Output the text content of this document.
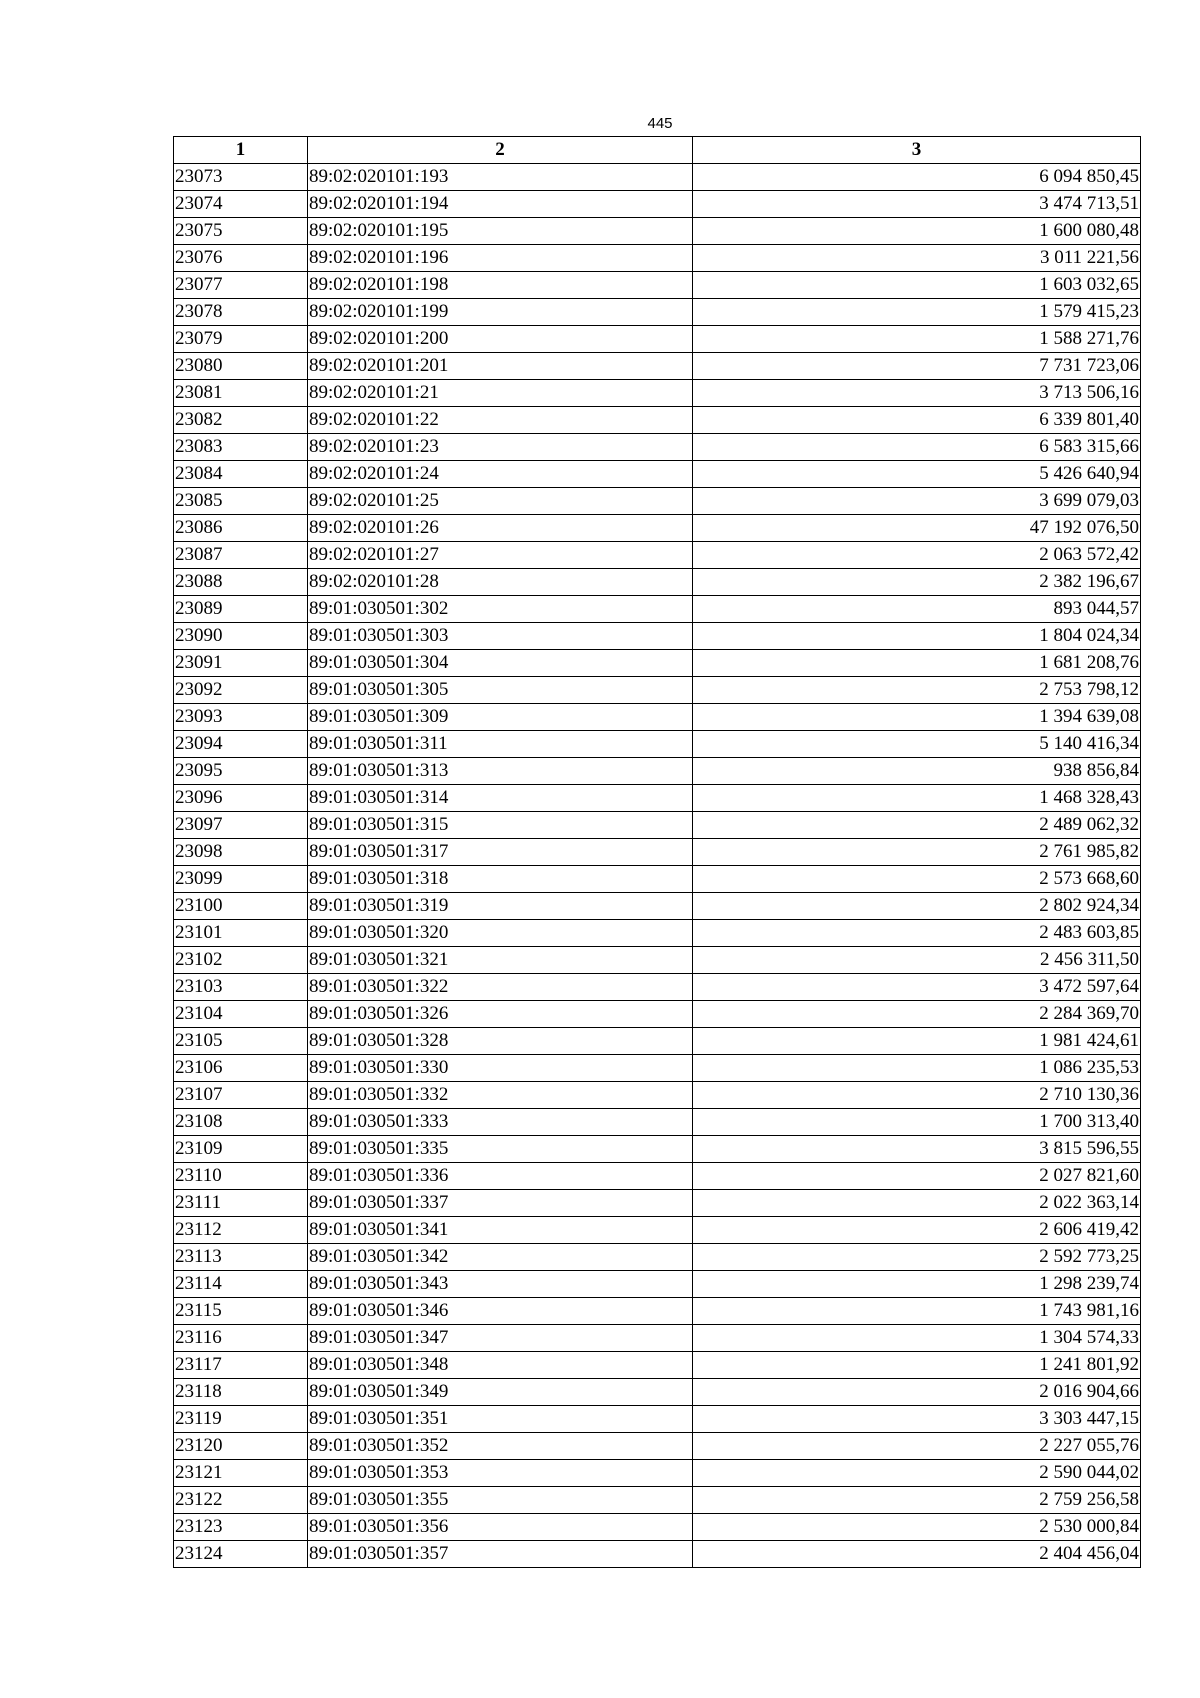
445
1	2	3
23073	89:02:020101:193	6 094 850,45
23074	89:02:020101:194	3 474 713,51
23075	89:02:020101:195	1 600 080,48
23076	89:02:020101:196	3 011 221,56
23077	89:02:020101:198	1 603 032,65
23078	89:02:020101:199	1 579 415,23
23079	89:02:020101:200	1 588 271,76
23080	89:02:020101:201	7 731 723,06
23081	89:02:020101:21	3 713 506,16
23082	89:02:020101:22	6 339 801,40
23083	89:02:020101:23	6 583 315,66
23084	89:02:020101:24	5 426 640,94
23085	89:02:020101:25	3 699 079,03
23086	89:02:020101:26	47 192 076,50
23087	89:02:020101:27	2 063 572,42
23088	89:02:020101:28	2 382 196,67
23089	89:01:030501:302	893 044,57
23090	89:01:030501:303	1 804 024,34
23091	89:01:030501:304	1 681 208,76
23092	89:01:030501:305	2 753 798,12
23093	89:01:030501:309	1 394 639,08
23094	89:01:030501:311	5 140 416,34
23095	89:01:030501:313	938 856,84
23096	89:01:030501:314	1 468 328,43
23097	89:01:030501:315	2 489 062,32
23098	89:01:030501:317	2 761 985,82
23099	89:01:030501:318	2 573 668,60
23100	89:01:030501:319	2 802 924,34
23101	89:01:030501:320	2 483 603,85
23102	89:01:030501:321	2 456 311,50
23103	89:01:030501:322	3 472 597,64
23104	89:01:030501:326	2 284 369,70
23105	89:01:030501:328	1 981 424,61
23106	89:01:030501:330	1 086 235,53
23107	89:01:030501:332	2 710 130,36
23108	89:01:030501:333	1 700 313,40
23109	89:01:030501:335	3 815 596,55
23110	89:01:030501:336	2 027 821,60
23111	89:01:030501:337	2 022 363,14
23112	89:01:030501:341	2 606 419,42
23113	89:01:030501:342	2 592 773,25
23114	89:01:030501:343	1 298 239,74
23115	89:01:030501:346	1 743 981,16
23116	89:01:030501:347	1 304 574,33
23117	89:01:030501:348	1 241 801,92
23118	89:01:030501:349	2 016 904,66
23119	89:01:030501:351	3 303 447,15
23120	89:01:030501:352	2 227 055,76
23121	89:01:030501:353	2 590 044,02
23122	89:01:030501:355	2 759 256,58
23123	89:01:030501:356	2 530 000,84
23124	89:01:030501:357	2 404 456,04
